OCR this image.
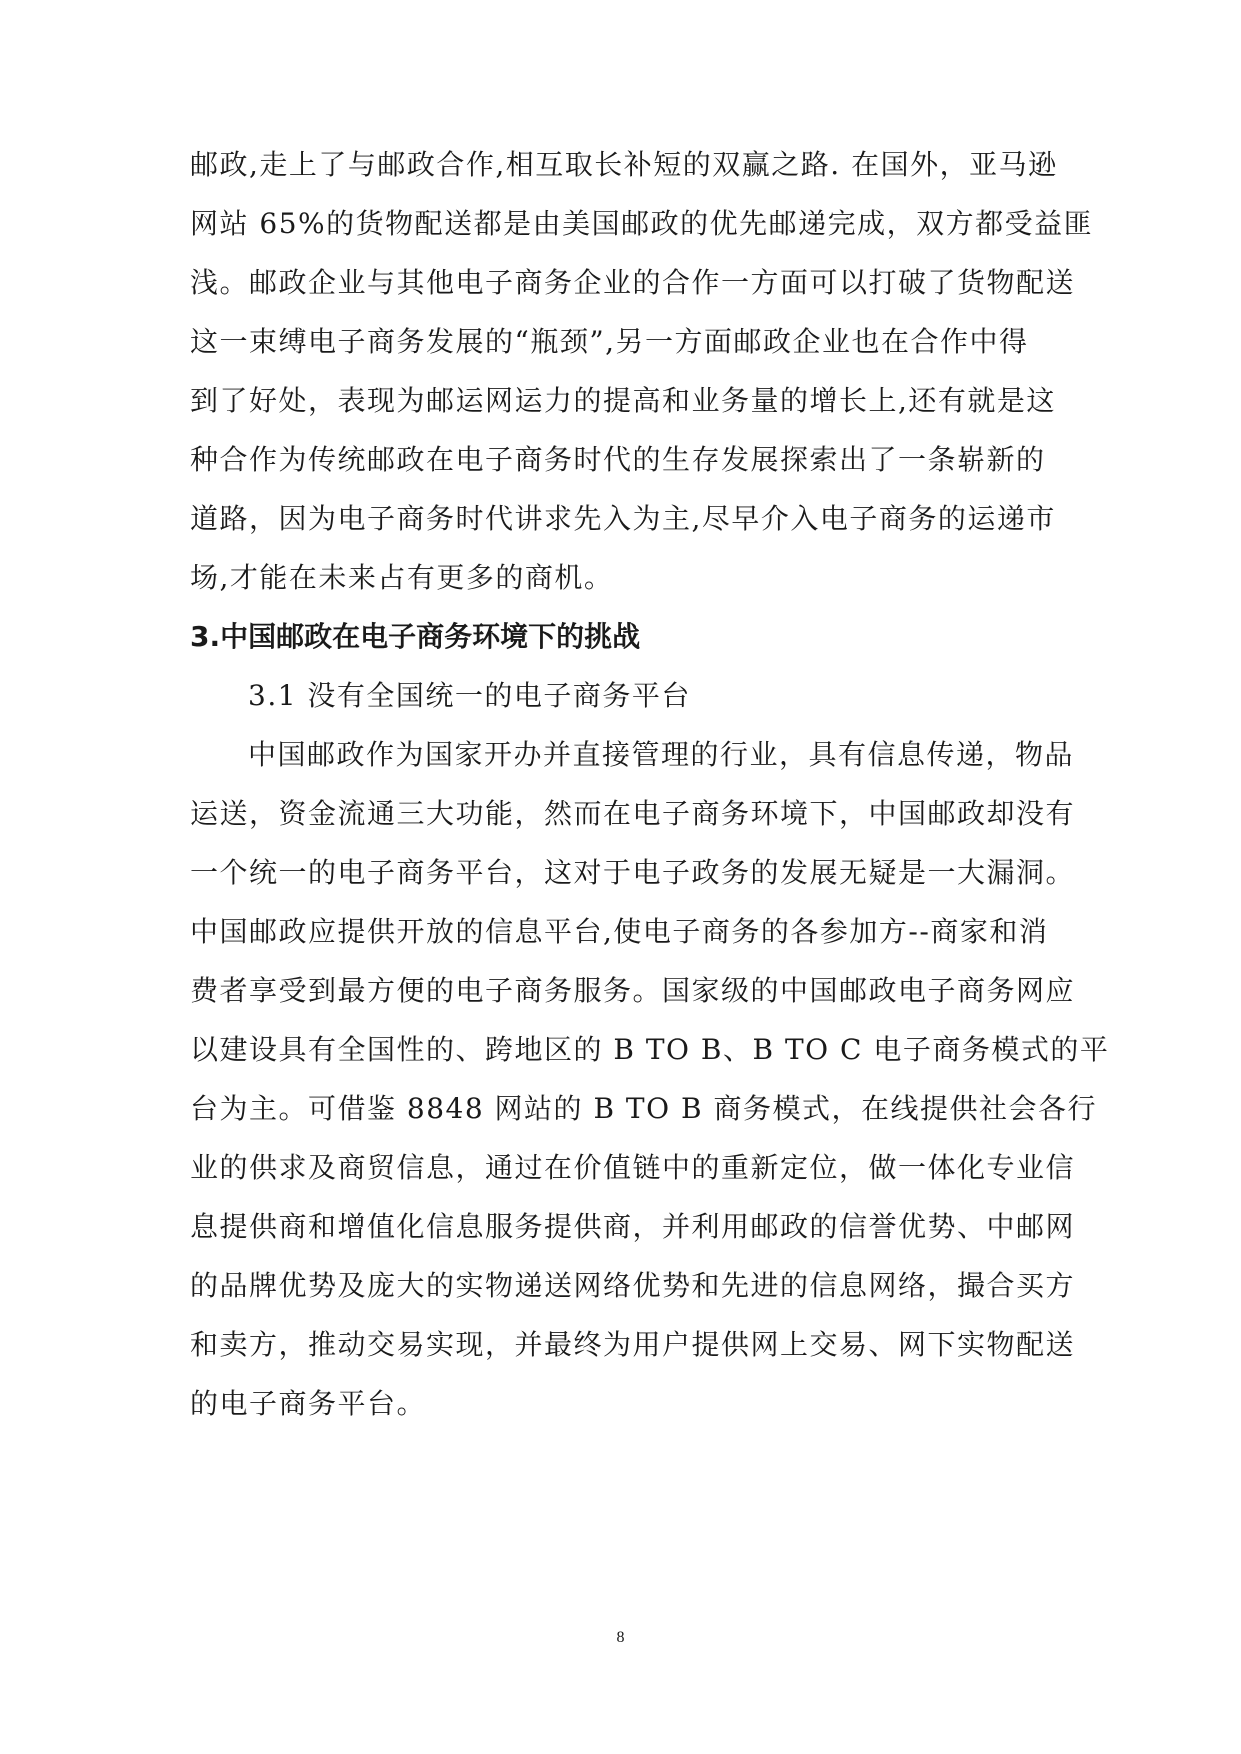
邮政,走上了与邮政合作,相互取长补短的双赢之路. 在国外，亚马逊
网站 65%的货物配送都是由美国邮政的优先邮递完成，双方都受益匪
浅。邮政企业与其他电子商务企业的合作一方面可以打破了货物配送
这一束缚电子商务发展的“瓶颈”,另一方面邮政企业也在合作中得
到了好处，表现为邮运网运力的提高和业务量的增长上,还有就是这
种合作为传统邮政在电子商务时代的生存发展探索出了一条崭新的
道路，因为电子商务时代讲求先入为主,尽早介入电子商务的运递市
场,才能在未来占有更多的商机。
3.中国邮政在电子商务环境下的挑战
3.1 没有全国统一的电子商务平台
中国邮政作为国家开办并直接管理的行业，具有信息传递，物品
运送，资金流通三大功能，然而在电子商务环境下，中国邮政却没有
一个统一的电子商务平台，这对于电子政务的发展无疑是一大漏洞。
中国邮政应提供开放的信息平台,使电子商务的各参加方--商家和消
费者享受到最方便的电子商务服务。国家级的中国邮政电子商务网应
以建设具有全国性的、跨地区的 B TO B、B TO C 电子商务模式的平
台为主。可借鉴 8848 网站的 B TO B 商务模式，在线提供社会各行
业的供求及商贸信息，通过在价值链中的重新定位，做一体化专业信
息提供商和增值化信息服务提供商，并利用邮政的信誉优势、中邮网
的品牌优势及庞大的实物递送网络优势和先进的信息网络，撮合买方
和卖方，推动交易实现，并最终为用户提供网上交易、网下实物配送
的电子商务平台。
8
